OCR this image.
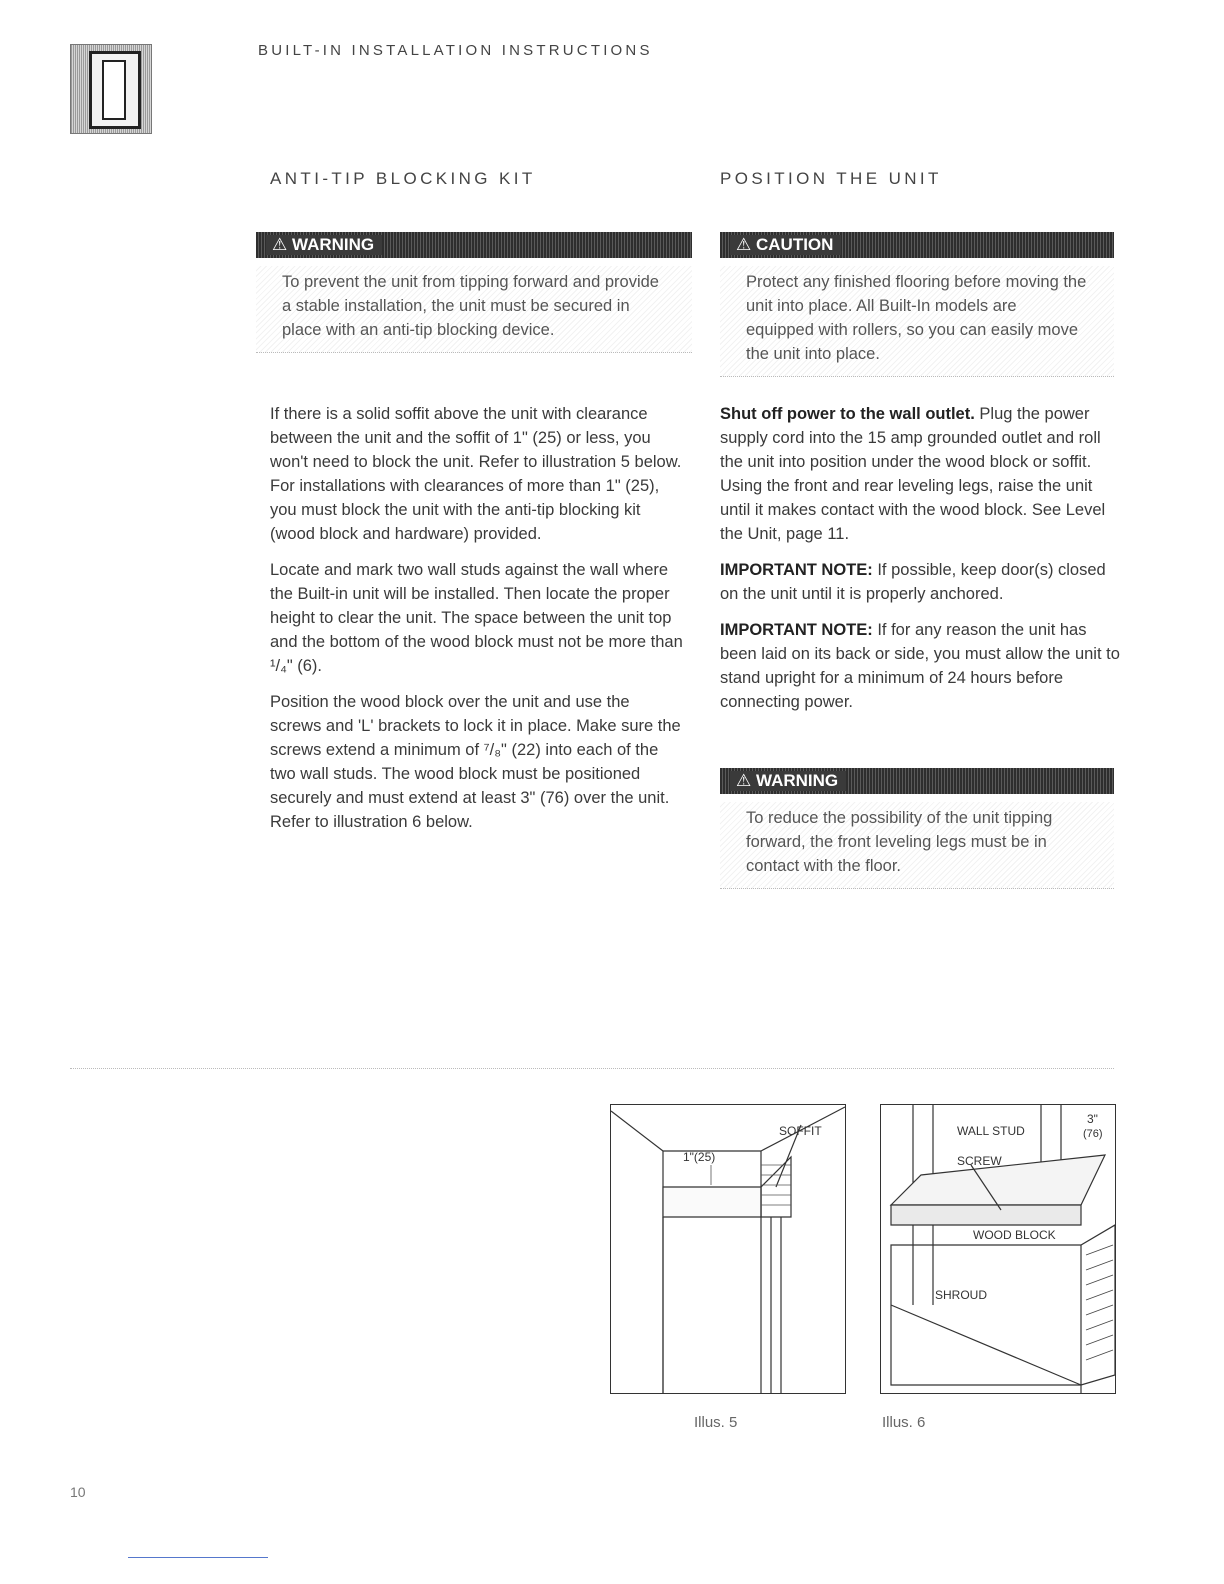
BUILT-IN INSTALLATION INSTRUCTIONS
ANTI-TIP BLOCKING KIT	POSITION THE UNIT
⚠ WARNING
To prevent the unit from tipping forward and provide a stable installation, the unit must be secured in place with an anti-tip blocking device.
⚠ CAUTION
Protect any finished flooring before moving the unit into place. All Built-In models are equipped with rollers, so you can easily move the unit into place.

If there is a solid soffit above the unit with clearance between the unit and the soffit of 1" (25) or less, you won't need to block the unit. Refer to illustration 5 below. For installations with clearances of more than 1" (25), you must block the unit with the anti-tip blocking kit (wood block and hardware) provided.

Locate and mark two wall studs against the wall where the Built-in unit will be installed. Then locate the proper height to clear the unit. The space between the unit top and the bottom of the wood block must not be more than ¹/₄" (6).

Position the wood block over the unit and use the screws and 'L' brackets to lock it in place. Make sure the screws extend a minimum of ⁷/₈" (22) into each of the two wall studs. The wood block must be positioned securely and must extend at least 3" (76) over the unit. Refer to illustration 6 below.

Shut off power to the wall outlet. Plug the power supply cord into the 15 amp grounded outlet and roll the unit into position under the wood block or soffit. Using the front and rear leveling legs, raise the unit until it makes contact with the wood block. See Level the Unit, page 11.

IMPORTANT NOTE: If possible, keep door(s) closed on the unit until it is properly anchored.

IMPORTANT NOTE: If for any reason the unit has been laid on its back or side, you must allow the unit to stand upright for a minimum of 24 hours before connecting power.

⚠ WARNING
To reduce the possibility of the unit tipping forward, the front leveling legs must be in contact with the floor.
SOFFIT
1"(25)
Illus. 5
WALL STUD
SCREW
WOOD BLOCK
SHROUD
3"
(76)
Illus. 6
10
